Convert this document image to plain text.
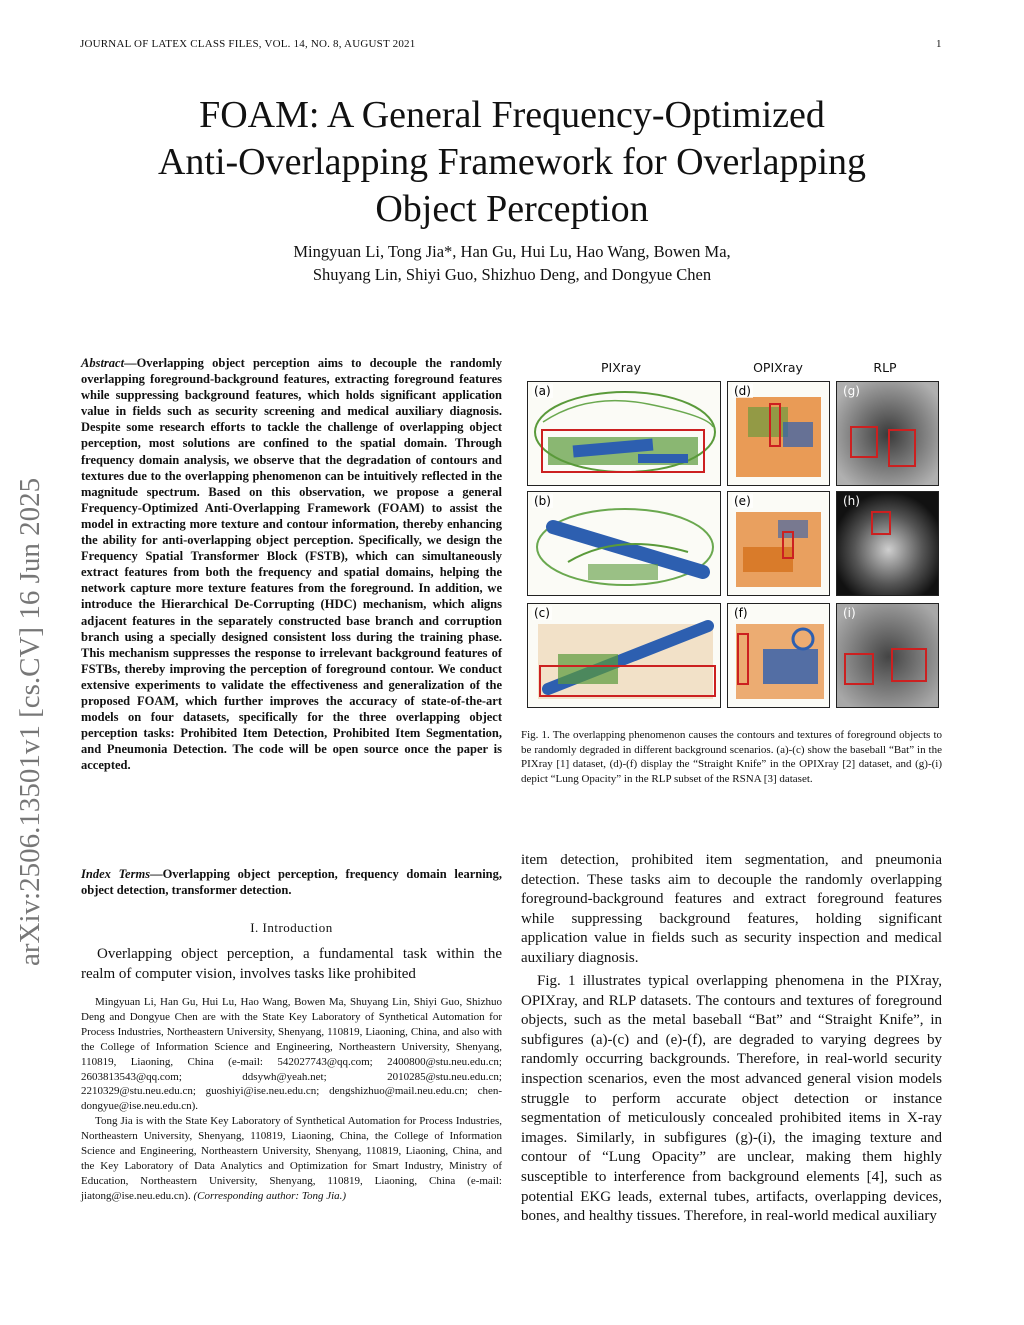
JOURNAL OF LATEX CLASS FILES, VOL. 14, NO. 8, AUGUST 2021	1
arXiv:2506.13501v1 [cs.CV] 16 Jun 2025
FOAM: A General Frequency-Optimized
Anti-Overlapping Framework for Overlapping
Object Perception
Mingyuan Li, Tong Jia*, Han Gu, Hui Lu, Hao Wang, Bowen Ma,
Shuyang Lin, Shiyi Guo, Shizhuo Deng, and Dongyue Chen
Abstract—Overlapping object perception aims to decouple the randomly overlapping foreground-background features, extracting foreground features while suppressing background features, which holds significant application value in fields such as security screening and medical auxiliary diagnosis. Despite some research efforts to tackle the challenge of overlapping object perception, most solutions are confined to the spatial domain. Through frequency domain analysis, we observe that the degradation of contours and textures due to the overlapping phenomenon can be intuitively reflected in the magnitude spectrum. Based on this observation, we propose a general Frequency-Optimized Anti-Overlapping Framework (FOAM) to assist the model in extracting more texture and contour information, thereby enhancing the ability for anti-overlapping object perception. Specifically, we design the Frequency Spatial Transformer Block (FSTB), which can simultaneously extract features from both the frequency and spatial domains, helping the network capture more texture features from the foreground. In addition, we introduce the Hierarchical De-Corrupting (HDC) mechanism, which aligns adjacent features in the separately constructed base branch and corruption branch using a specially designed consistent loss during the training phase. This mechanism suppresses the response to irrelevant background features of FSTBs, thereby improving the perception of foreground contour. We conduct extensive experiments to validate the effectiveness and generalization of the proposed FOAM, which further improves the accuracy of state-of-the-art models on four datasets, specifically for the three overlapping object perception tasks: Prohibited Item Detection, Prohibited Item Segmentation, and Pneumonia Detection. The code will be open source once the paper is accepted.
Index Terms—Overlapping object perception, frequency domain learning, object detection, transformer detection.
I. Introduction
Overlapping object perception, a fundamental task within the realm of computer vision, involves tasks like prohibited

Mingyuan Li, Han Gu, Hui Lu, Hao Wang, Bowen Ma, Shuyang Lin, Shiyi Guo, Shizhuo Deng and Dongyue Chen are with the State Key Laboratory of Synthetical Automation for Process Industries, Northeastern University, Shenyang, 110819, Liaoning, China, and also with the College of Information Science and Engineering, Northeastern University, Shenyang, 110819, Liaoning, China (e-mail: 542027743@qq.com; 2400800@stu.neu.edu.cn; 2603813543@qq.com; ddsywh@yeah.net; 2010285@stu.neu.edu.cn; 2210329@stu.neu.edu.cn; guoshiyi@ise.neu.edu.cn; dengshizhuo@mail.neu.edu.cn; chen-dongyue@ise.neu.edu.cn).

Tong Jia is with the State Key Laboratory of Synthetical Automation for Process Industries, Northeastern University, Shenyang, 110819, Liaoning, China, the College of Information Science and Engineering, Northeastern University, Shenyang, 110819, Liaoning, China, and the Key Laboratory of Data Analytics and Optimization for Smart Industry, Ministry of Education, Northeastern University, Shenyang, 110819, Liaoning, China (e-mail: jiatong@ise.neu.edu.cn). (Corresponding author: Tong Jia.)

PIXray	OPIXray	RLP
(a)
(b)
(c)
(d)
(e)
(f)
(g)
(h)
(i)
Fig. 1. The overlapping phenomenon causes the contours and textures of foreground objects to be randomly degraded in different background scenarios. (a)-(c) show the baseball “Bat” in the PIXray [1] dataset, (d)-(f) display the “Straight Knife” in the OPIXray [2] dataset, and (g)-(i) depict “Lung Opacity” in the RLP subset of the RSNA [3] dataset.
item detection, prohibited item segmentation, and pneumonia detection. These tasks aim to decouple the randomly overlapping foreground-background features and extract foreground features while suppressing background features, holding significant application value in fields such as security inspection and medical auxiliary diagnosis.
Fig. 1 illustrates typical overlapping phenomena in the PIXray, OPIXray, and RLP datasets. The contours and textures of foreground objects, such as the metal baseball “Bat” and “Straight Knife”, in subfigures (a)-(c) and (e)-(f), are degraded to varying degrees by randomly occurring backgrounds. Therefore, in real-world security inspection scenarios, even the most advanced general vision models struggle to perform accurate object detection or instance segmentation of meticulously concealed prohibited items in X-ray images. Similarly, in subfigures (g)-(i), the imaging texture and contour of “Lung Opacity” are unclear, making them highly susceptible to interference from background elements [4], such as potential EKG leads, external tubes, artifacts, overlapping devices, bones, and healthy tissues. Therefore, in real-world medical auxiliary
